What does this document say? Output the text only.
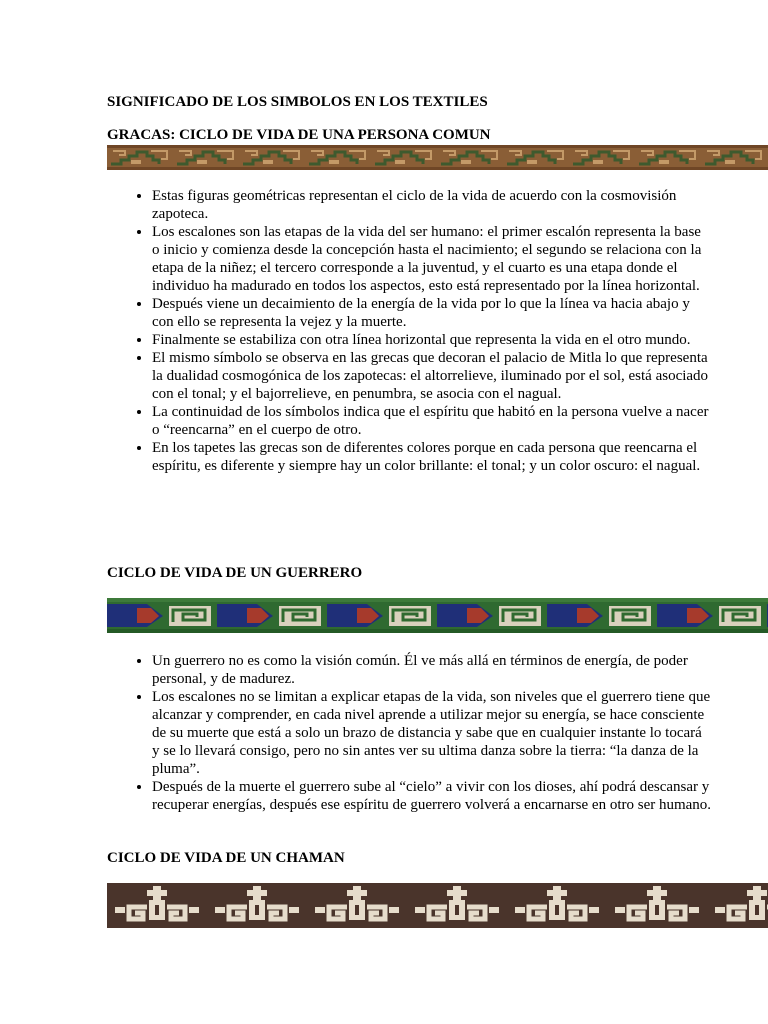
SIGNIFICADO DE LOS SIMBOLOS EN LOS TEXTILES
GRACAS: CICLO DE VIDA DE UNA PERSONA COMUN
• Estas figuras geométricas representan el ciclo de la vida de acuerdo con la cosmovisión zapoteca.
• Los escalones son las etapas de la vida del ser humano: el primer escalón representa la base o inicio y comienza desde la concepción hasta el nacimiento; el segundo se relaciona con la etapa de la niñez; el tercero corresponde a la juventud, y el cuarto es una etapa donde el individuo ha madurado en todos los aspectos, esto está representado por la línea horizontal.
• Después viene un decaimiento de la energía de la vida por lo que la línea va hacia abajo y con ello se representa la vejez y la muerte.
• Finalmente se estabiliza con otra línea horizontal que representa la vida en el otro mundo.
• El mismo símbolo se observa en las grecas que decoran el palacio de Mitla lo que representa la dualidad cosmogónica de los zapotecas: el altorrelieve, iluminado por el sol, está asociado con el tonal; y el bajorrelieve, en penumbra, se asocia con el nagual.
• La continuidad de los símbolos indica que el espíritu que habitó en la persona vuelve a nacer o “reencarna” en el cuerpo de otro.
• En los tapetes las grecas son de diferentes colores porque en cada persona que reencarna el espíritu, es diferente y siempre hay un color brillante: el tonal; y un color oscuro: el nagual.
CICLO DE VIDA DE UN GUERRERO
• Un guerrero no es como la visión común. Él ve más allá en términos de energía, de poder personal, y de madurez.
• Los escalones no se limitan a explicar etapas de la vida, son niveles que el guerrero tiene que alcanzar y comprender, en cada nivel aprende a utilizar mejor su energía, se hace consciente de su muerte que está a solo un brazo de distancia y sabe que en cualquier instante lo tocará y se lo llevará consigo, pero no sin antes ver su ultima danza sobre la tierra: “la danza de la pluma”.
• Después de la muerte el guerrero sube al “cielo” a vivir con los dioses, ahí podrá descansar y recuperar energías, después ese espíritu de guerrero volverá a encarnarse en otro ser humano.
CICLO DE VIDA DE UN CHAMAN
